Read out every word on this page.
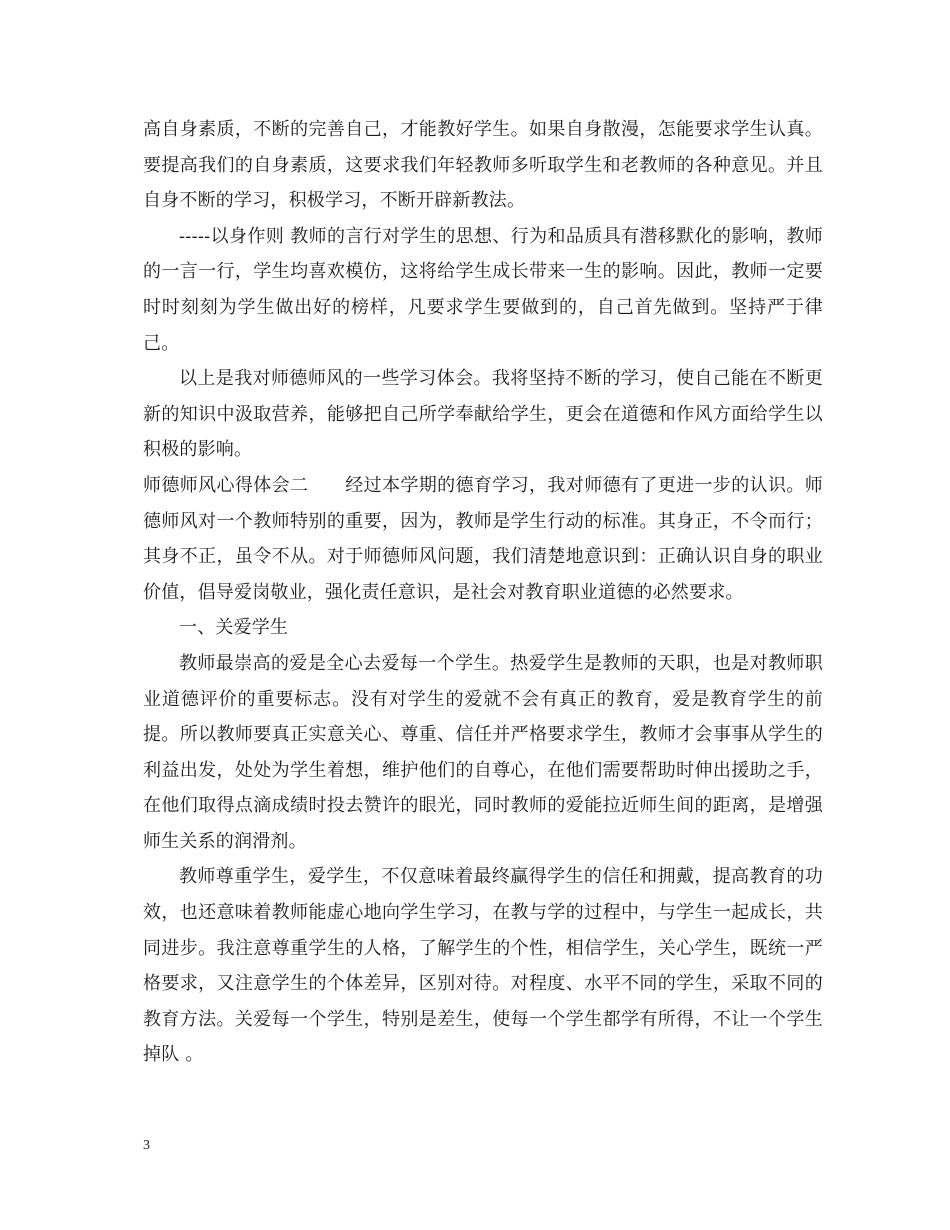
高自身素质，不断的完善自己，才能教好学生。如果自身散漫，怎能要求学生认真。要提高我们的自身素质，这要求我们年轻教师多听取学生和老教师的各种意见。并且自身不断的学习，积极学习，不断开辟新教法。

-----以身作则 教师的言行对学生的思想、行为和品质具有潜移默化的影响，教师的一言一行，学生均喜欢模仿，这将给学生成长带来一生的影响。因此，教师一定要时时刻刻为学生做出好的榜样，凡要求学生要做到的，自己首先做到。坚持严于律己。

以上是我对师德师风的一些学习体会。我将坚持不断的学习，使自己能在不断更新的知识中汲取营养，能够把自己所学奉献给学生，更会在道德和作风方面给学生以积极的影响。

师德师风心得体会二　　经过本学期的德育学习，我对师德有了更进一步的认识。师德师风对一个教师特别的重要，因为，教师是学生行动的标准。其身正，不令而行；其身不正，虽令不从。对于师德师风问题，我们清楚地意识到：正确认识自身的职业价值，倡导爱岗敬业，强化责任意识，是社会对教育职业道德的必然要求。

一、关爱学生

教师最崇高的爱是全心去爱每一个学生。热爱学生是教师的天职，也是对教师职业道德评价的重要标志。没有对学生的爱就不会有真正的教育，爱是教育学生的前提。所以教师要真正实意关心、尊重、信任并严格要求学生，教师才会事事从学生的利益出发，处处为学生着想，维护他们的自尊心，在他们需要帮助时伸出援助之手，在他们取得点滴成绩时投去赞许的眼光，同时教师的爱能拉近师生间的距离，是增强师生关系的润滑剂。

教师尊重学生，爱学生，不仅意味着最终赢得学生的信任和拥戴，提高教育的功效，也还意味着教师能虚心地向学生学习，在教与学的过程中，与学生一起成长，共同进步。我注意尊重学生的人格，了解学生的个性，相信学生，关心学生，既统一严格要求，又注意学生的个体差异，区别对待。对程度、水平不同的学生，采取不同的教育方法。关爱每一个学生，特别是差生，使每一个学生都学有所得，不让一个学生掉队 。

3
